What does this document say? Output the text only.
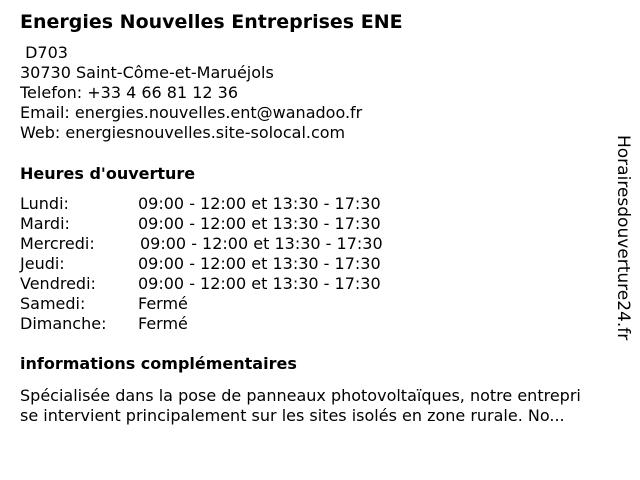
Energies Nouvelles Entreprises ENE
D703
30730 Saint-Côme-et-Maruéjols
Telefon: +33 4 66 81 12 36
Email: energies.nouvelles.ent@wanadoo.fr
Web: energiesnouvelles.site-solocal.com
Heures d'ouverture
Lundi:	09:00 - 12:00 et 13:30 - 17:30
Mardi:	09:00 - 12:00 et 13:30 - 17:30
Mercredi:	09:00 - 12:00 et 13:30 - 17:30
Jeudi:	09:00 - 12:00 et 13:30 - 17:30
Vendredi:	09:00 - 12:00 et 13:30 - 17:30
Samedi:	Fermé
Dimanche:	Fermé
informations complémentaires
Spécialisée dans la pose de panneaux photovoltaïques, notre entrepri
se intervient principalement sur les sites isolés en zone rurale. No...
Horairesdouverture24.fr
